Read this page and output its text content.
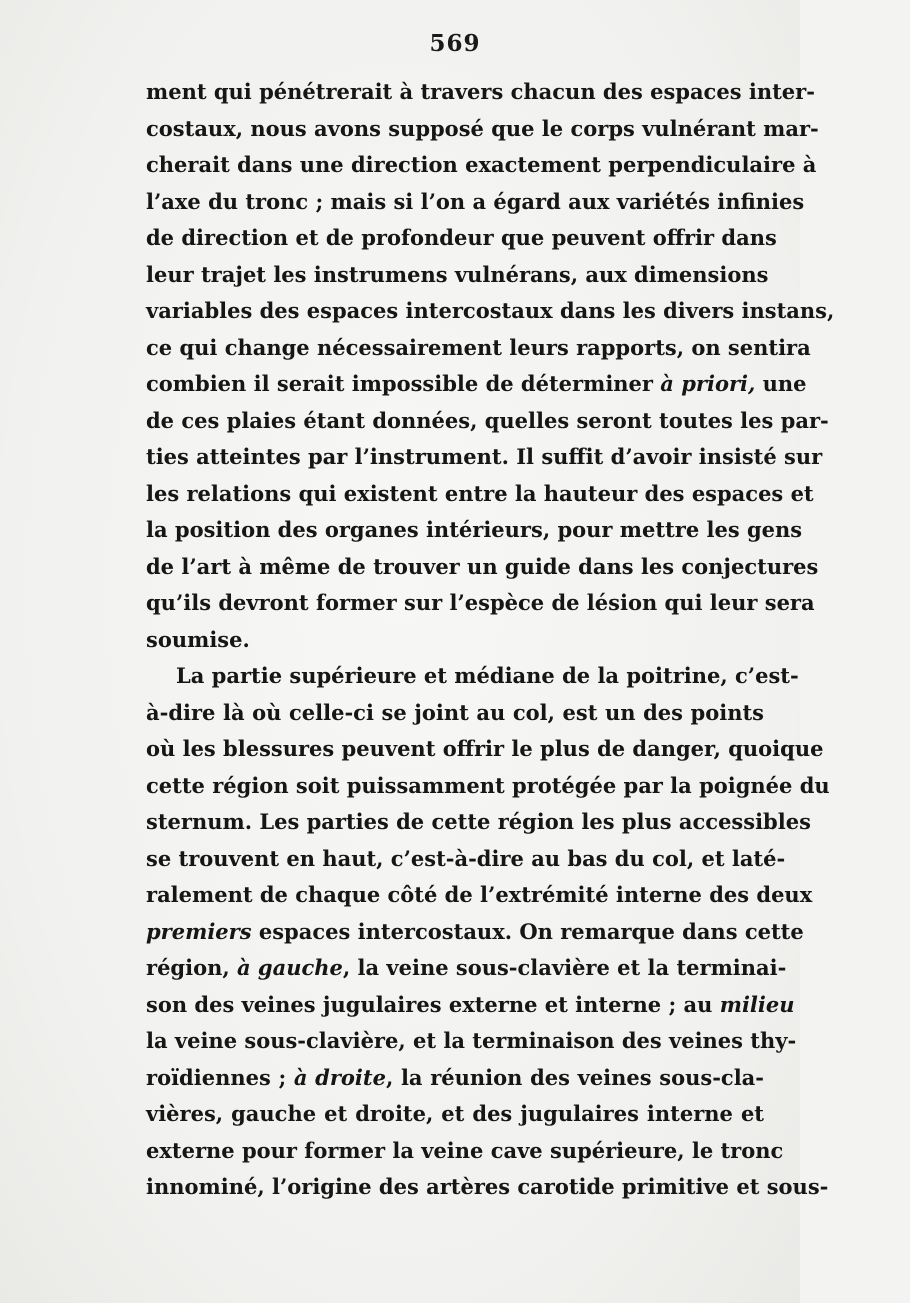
569
ment qui pénétrerait à travers chacun des espaces inter-
costaux, nous avons supposé que le corps vulnérant mar-
cherait dans une direction exactement perpendiculaire à
l’axe du tronc ; mais si l’on a égard aux variétés infinies
de direction et de profondeur que peuvent offrir dans
leur trajet les instrumens vulnérans, aux dimensions
variables des espaces intercostaux dans les divers instans,
ce qui change nécessairement leurs rapports, on sentira
combien il serait impossible de déterminer à priori, une
de ces plaies étant données, quelles seront toutes les par-
ties atteintes par l’instrument. Il suffit d’avoir insisté sur
les relations qui existent entre la hauteur des espaces et
la position des organes intérieurs, pour mettre les gens
de l’art à même de trouver un guide dans les conjectures
qu’ils devront former sur l’espèce de lésion qui leur sera
soumise.
La partie supérieure et médiane de la poitrine, c’est-
à-dire là où celle-ci se joint au col, est un des points
où les blessures peuvent offrir le plus de danger, quoique
cette région soit puissamment protégée par la poignée du
sternum. Les parties de cette région les plus accessibles
se trouvent en haut, c’est-à-dire au bas du col, et laté-
ralement de chaque côté de l’extrémité interne des deux
premiers espaces intercostaux. On remarque dans cette
région, à gauche, la veine sous-clavière et la terminai-
son des veines jugulaires externe et interne ; au milieu
la veine sous-clavière, et la terminaison des veines thy-
roïdiennes ; à droite, la réunion des veines sous-cla-
vières, gauche et droite, et des jugulaires interne et
externe pour former la veine cave supérieure, le tronc
innominé, l’origine des artères carotide primitive et sous-
